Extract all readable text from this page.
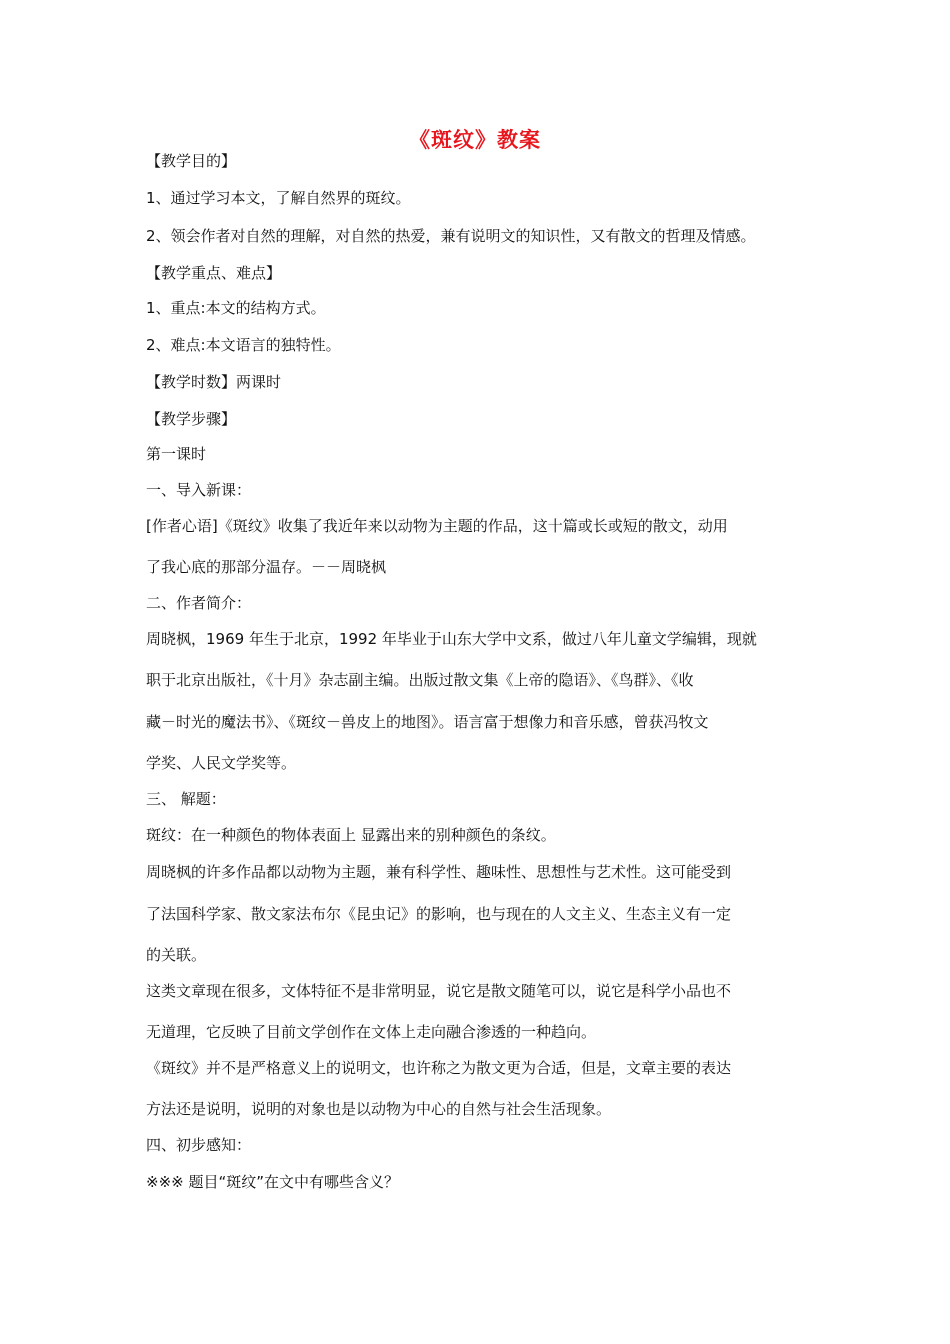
《斑纹》教案
【教学目的】
1、通过学习本文，了解自然界的斑纹。
2、领会作者对自然的理解，对自然的热爱，兼有说明文的知识性，又有散文的哲理及情感。
【教学重点、难点】
1、重点:本文的结构方式。
2、难点:本文语言的独特性。
【教学时数】两课时
【教学步骤】
第一课时
一、导入新课：
[作者心语]《斑纹》收集了我近年来以动物为主题的作品，这十篇或长或短的散文，动用
了我心底的那部分温存。－－周晓枫
二、作者简介：
周晓枫，1969 年生于北京，1992 年毕业于山东大学中文系，做过八年儿童文学编辑，现就
职于北京出版社，《十月》杂志副主编。出版过散文集《上帝的隐语》、《鸟群》、《收
藏－时光的魔法书》、《斑纹－兽皮上的地图》。语言富于想像力和音乐感，曾获冯牧文
学奖、人民文学奖等。
三、 解题：
斑纹：在一种颜色的物体表面上 显露出来的别种颜色的条纹。
周晓枫的许多作品都以动物为主题，兼有科学性、趣味性、思想性与艺术性。这可能受到
了法国科学家、散文家法布尔《昆虫记》的影响，也与现在的人文主义、生态主义有一定
的关联。
这类文章现在很多，文体特征不是非常明显，说它是散文随笔可以，说它是科学小品也不
无道理，它反映了目前文学创作在文体上走向融合渗透的一种趋向。
《斑纹》并不是严格意义上的说明文，也许称之为散文更为合适，但是，文章主要的表达
方法还是说明，说明的对象也是以动物为中心的自然与社会生活现象。
四、初步感知：
※※※ 题目“斑纹”在文中有哪些含义？
